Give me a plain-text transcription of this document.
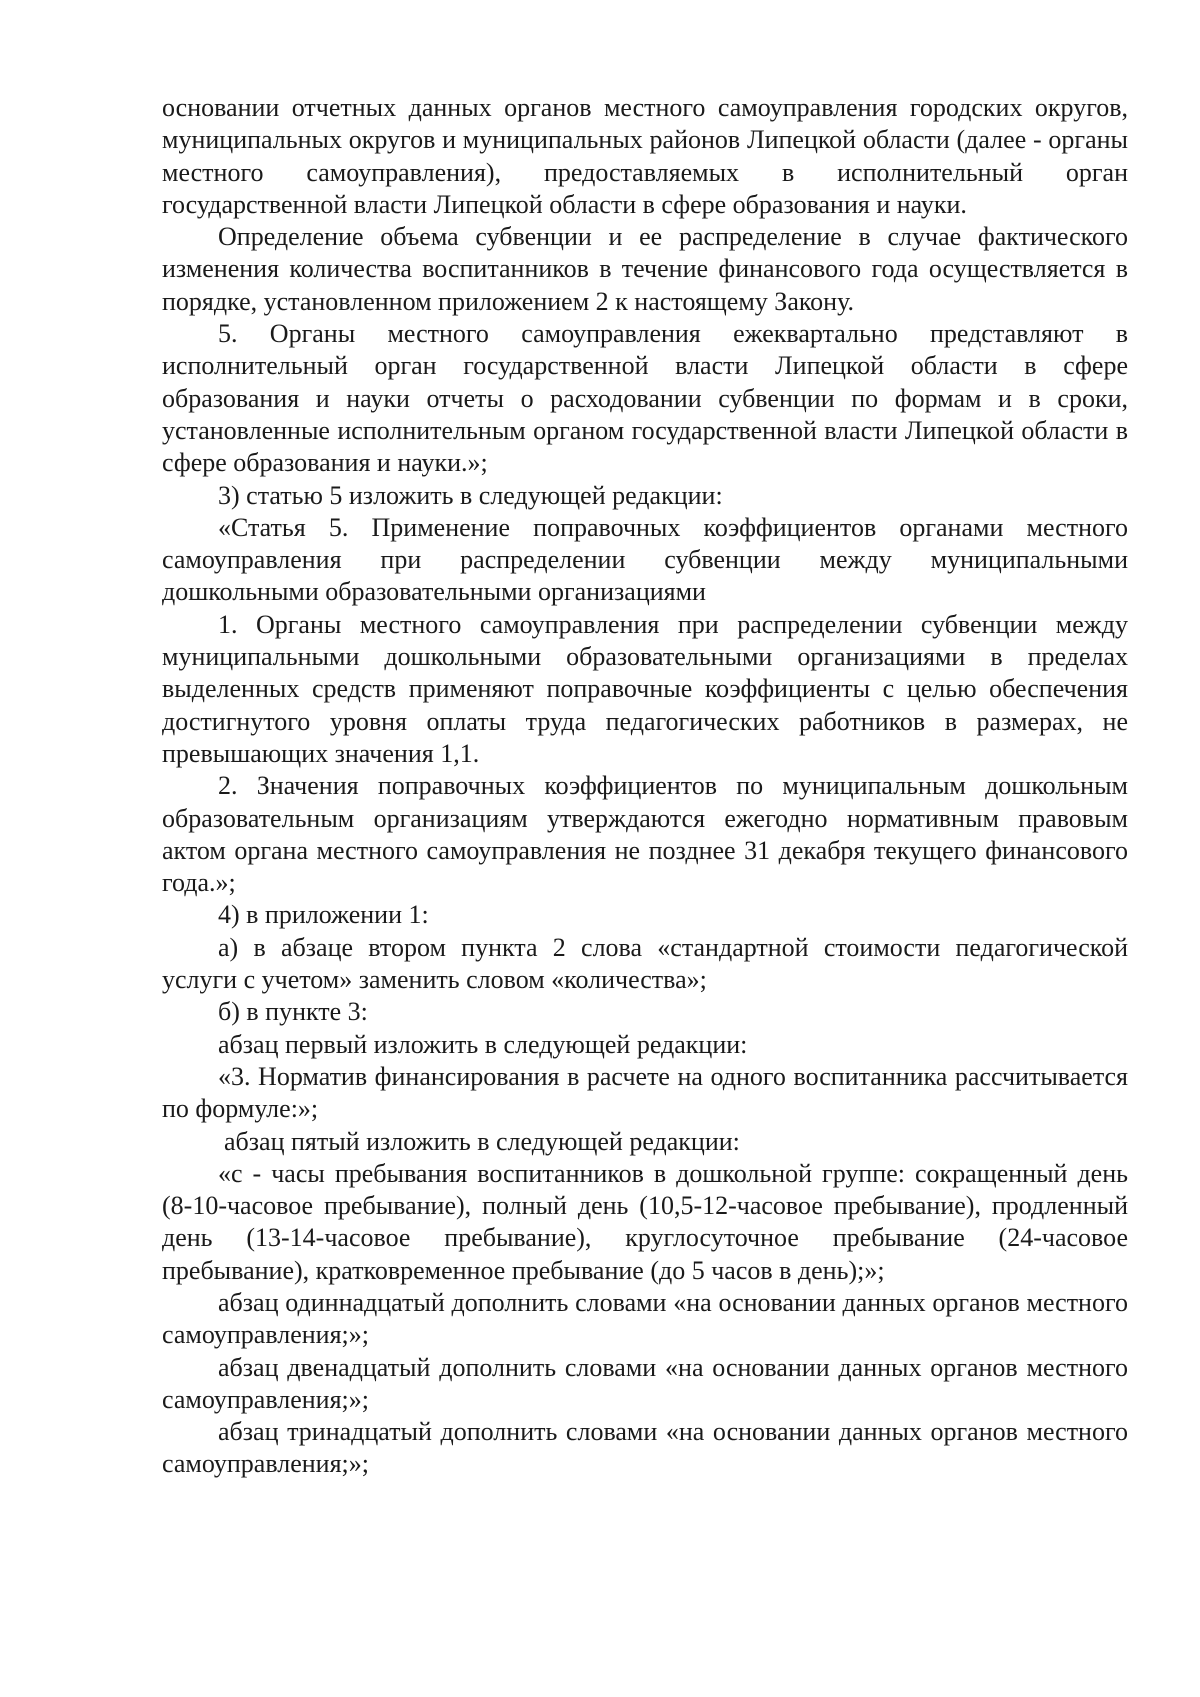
основании отчетных данных органов местного самоуправления городских округов, муниципальных округов и муниципальных районов Липецкой области (далее - органы местного самоуправления), предоставляемых в исполнительный орган государственной власти Липецкой области в сфере образования и науки.

Определение объема субвенции и ее распределение в случае фактического изменения количества воспитанников в течение финансового года осуществляется в порядке, установленном приложением 2 к настоящему Закону.

5. Органы местного самоуправления ежеквартально представляют в исполнительный орган государственной власти Липецкой области в сфере образования и науки отчеты о расходовании субвенции по формам и в сроки, установленные исполнительным органом государственной власти Липецкой области в сфере образования и науки.»;

3) статью 5 изложить в следующей редакции:

«Статья 5. Применение поправочных коэффициентов органами местного самоуправления при распределении субвенции между муниципальными дошкольными образовательными организациями

1. Органы местного самоуправления при распределении субвенции между муниципальными дошкольными образовательными организациями в пределах выделенных средств применяют поправочные коэффициенты с целью обеспечения достигнутого уровня оплаты труда педагогических работников в размерах, не превышающих значения 1,1.

2. Значения поправочных коэффициентов по муниципальным дошкольным образовательным организациям утверждаются ежегодно нормативным правовым актом органа местного самоуправления не позднее 31 декабря текущего финансового года.»;

4) в приложении 1:

а) в абзаце втором пункта 2 слова «стандартной стоимости педагогической услуги с учетом» заменить словом «количества»;

б) в пункте 3:

абзац первый изложить в следующей редакции:

«3. Норматив финансирования в расчете на одного воспитанника рассчитывается по формуле:»;

абзац пятый изложить в следующей редакции:

«с - часы пребывания воспитанников в дошкольной группе: сокращенный день (8-10-часовое пребывание), полный день (10,5-12-часовое пребывание), продленный день (13-14-часовое пребывание), круглосуточное пребывание (24-часовое пребывание), кратковременное пребывание (до 5 часов в день);»;

абзац одиннадцатый дополнить словами «на основании данных органов местного самоуправления;»;

абзац двенадцатый дополнить словами «на основании данных органов местного самоуправления;»;

абзац тринадцатый дополнить словами «на основании данных органов местного самоуправления;»;
